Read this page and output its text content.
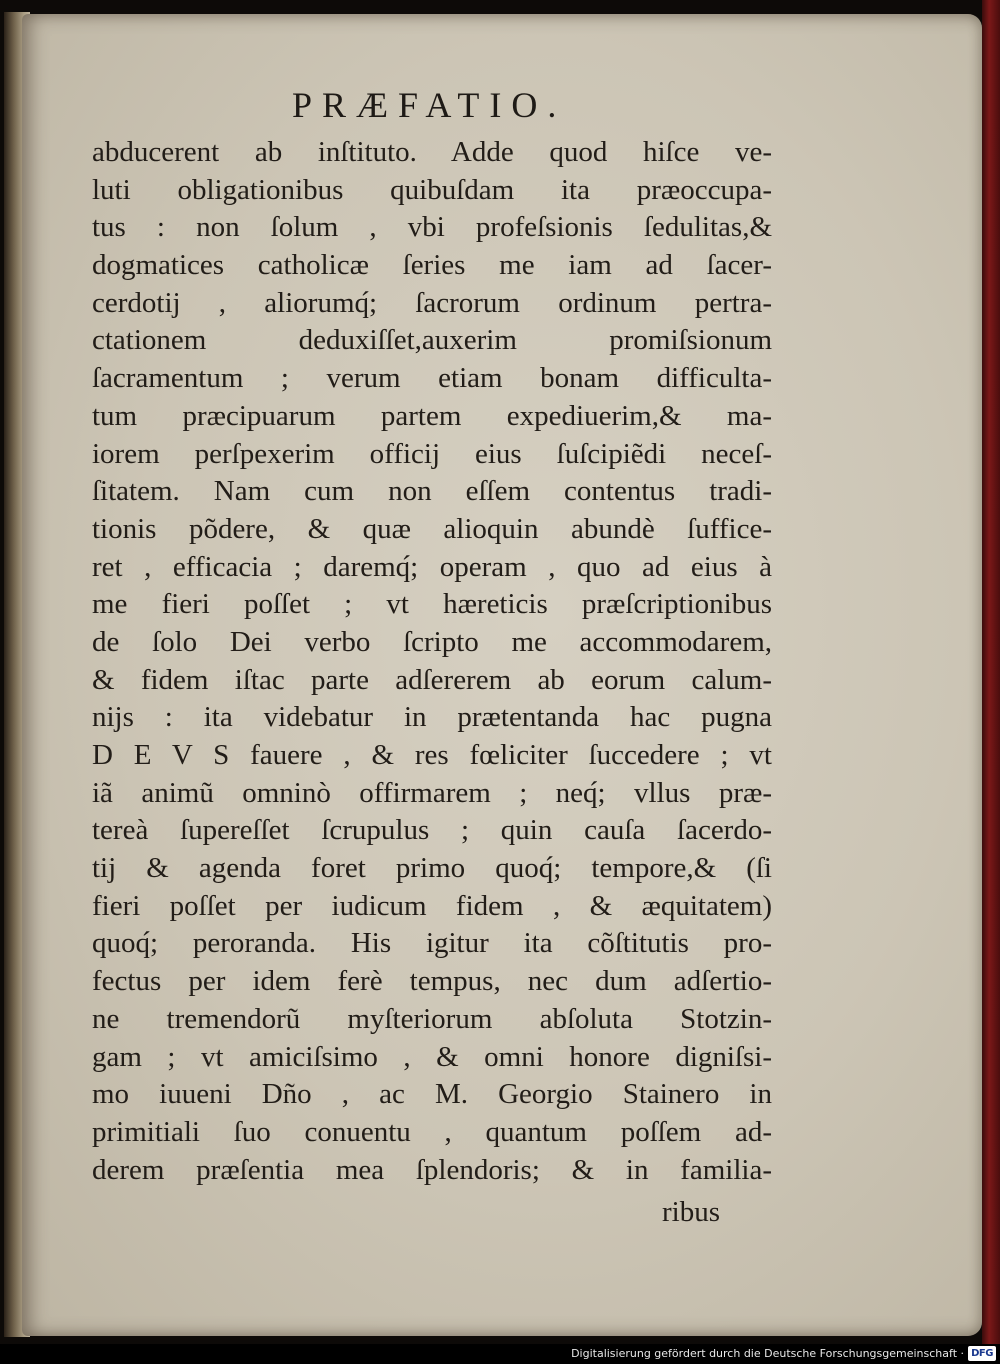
PRÆFATIO.
abducerent ab inſtituto. Adde quod hiſce ve-
luti obligationibus quibuſdam ita præoccupa-
tus : non ſolum , vbi profeſsionis ſedulitas,&
dogmatices catholicæ ſeries me iam ad ſacer-
cerdotij , aliorumq́; ſacrorum ordinum pertra-
ctationem deduxiſſet,auxerim promiſsionum
ſacramentum ; verum etiam bonam difficulta-
tum præcipuarum partem expediuerim,& ma-
iorem perſpexerim officij eius ſuſcipiẽdi neceſ-
ſitatem. Nam cum non eſſem contentus tradi-
tionis põdere, & quæ alioquin abundè ſufficе-
ret , efficacia ; daremq́; operam , quo ad eius à
me fieri poſſet ; vt hæreticis præſcriptionibus
de ſolo Dei verbo ſcripto me accommodarem,
& fidem iſtac parte adſererem ab eorum calum-
nijs : ita videbatur in prætentanda hac pugna
D E V S fauere , & res fœliciter ſuccedere ; vt
iã animũ omninò offirmarem ; neq́; vllus præ-
tereà ſupereſſet ſcrupulus ; quin cauſa ſacerdo-
tij & agenda foret primo quoq́; tempore,& (ſi
fieri poſſet per iudicum fidem , & æquitatem)
quoq́; peroranda. His igitur ita cõſtitutis pro-
fectus per idem ferè tempus, nec dum adſertio-
ne tremendorũ myſteriorum abſoluta Stotzin-
gam ; vt amiciſsimo , & omni honore digniſsi-
mo iuueni Dño , ac M. Georgio Stainero in
primitiali ſuo conuentu , quantum poſſem ad-
derem præſentia mea ſplendoris; & in familia-

ribus

Digitalisierung gefördert durch die Deutsche Forschungsgemeinschaft · DFG
